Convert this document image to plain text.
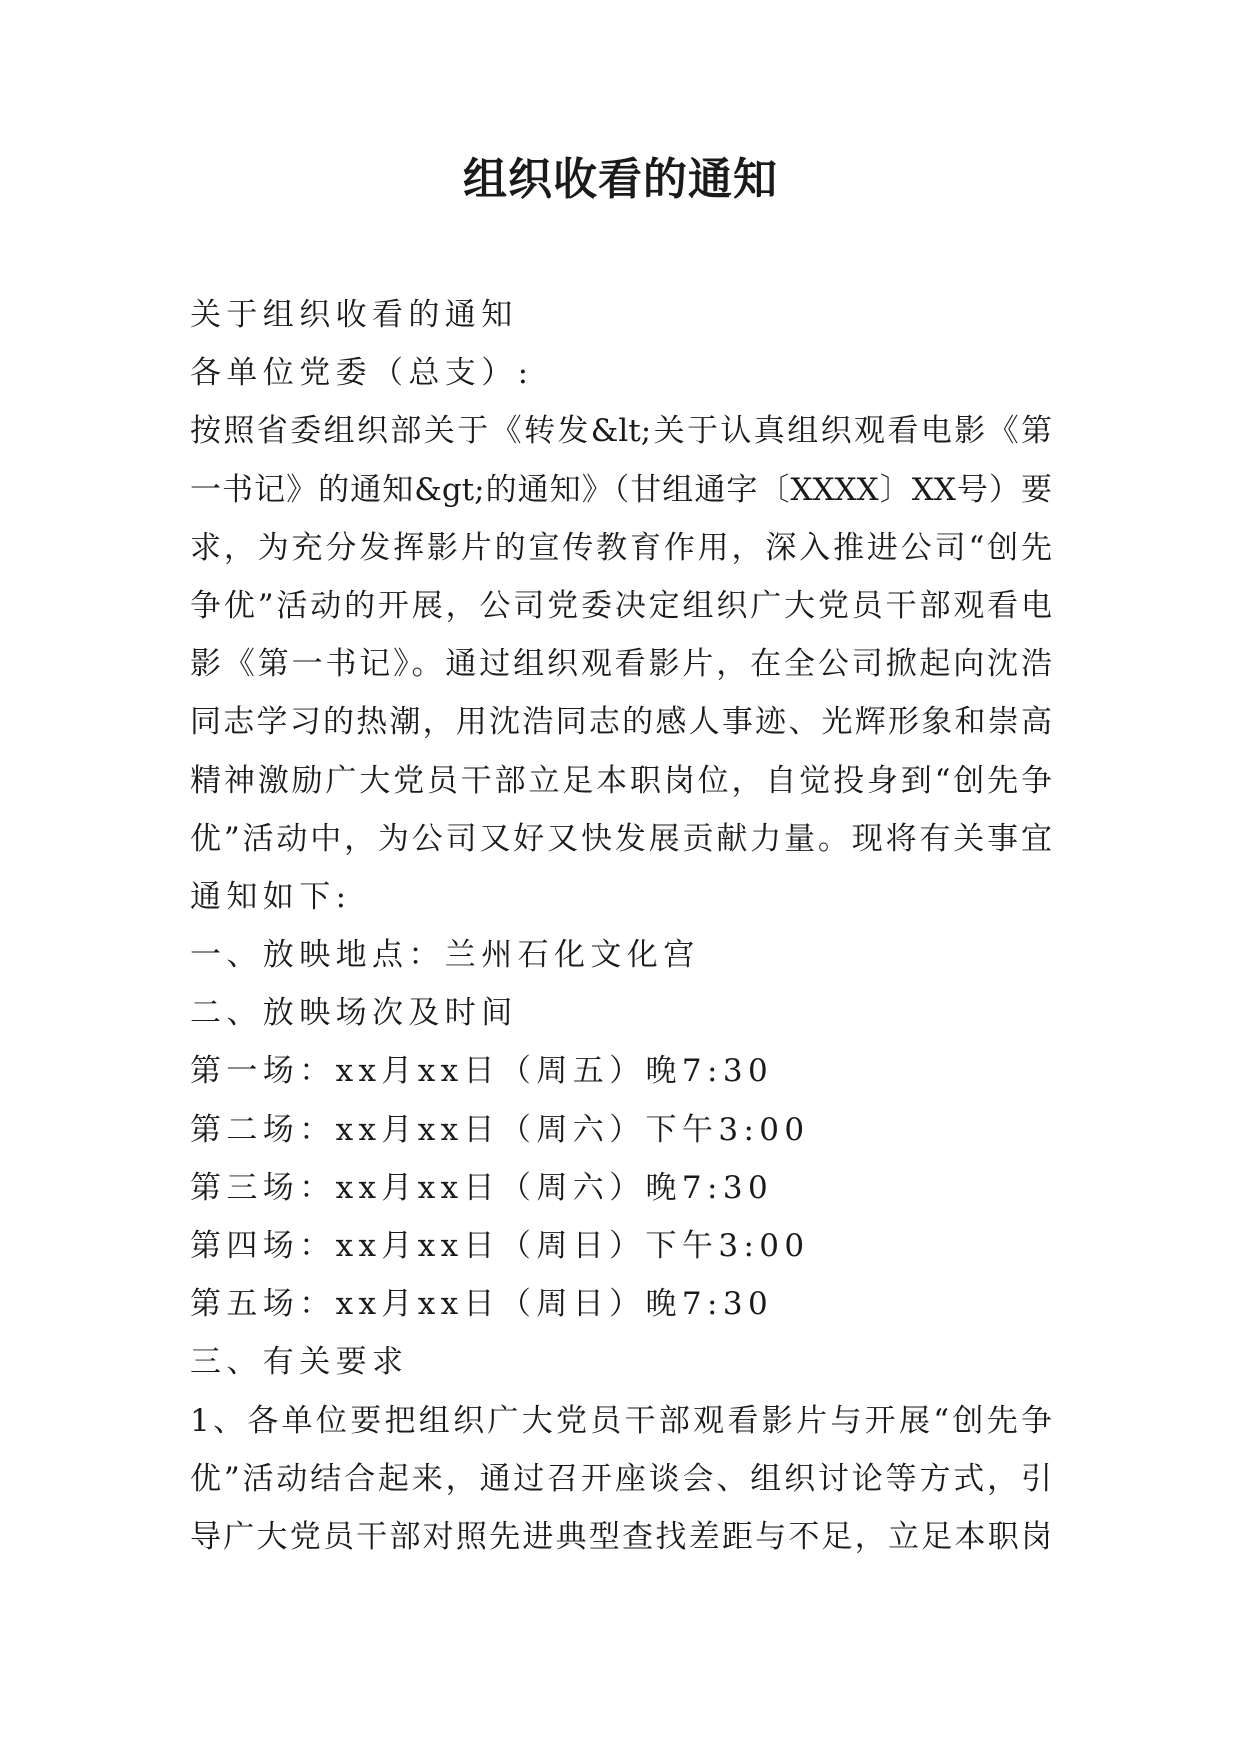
组织收看的通知
关于组织收看的通知
各单位党委（总支）:
按照省委组织部关于《转发&lt;关于认真组织观看电影《第
一书记》的通知&gt;的通知》（甘组通字〔XXXX〕XX号）要
求，为充分发挥影片的宣传教育作用，深入推进公司“创先
争优”活动的开展，公司党委决定组织广大党员干部观看电
影《第一书记》。通过组织观看影片，在全公司掀起向沈浩
同志学习的热潮，用沈浩同志的感人事迹、光辉形象和崇高
精神激励广大党员干部立足本职岗位，自觉投身到“创先争
优”活动中，为公司又好又快发展贡献力量。现将有关事宜
通知如下:
一、放映地点：兰州石化文化宫
二、放映场次及时间
第一场：xx月xx日（周五）晚7:30
第二场：xx月xx日（周六）下午3:00
第三场：xx月xx日（周六）晚7:30
第四场：xx月xx日（周日）下午3:00
第五场：xx月xx日（周日）晚7:30
三、有关要求
1、各单位要把组织广大党员干部观看影片与开展“创先争
优”活动结合起来，通过召开座谈会、组织讨论等方式，引
导广大党员干部对照先进典型查找差距与不足，立足本职岗
